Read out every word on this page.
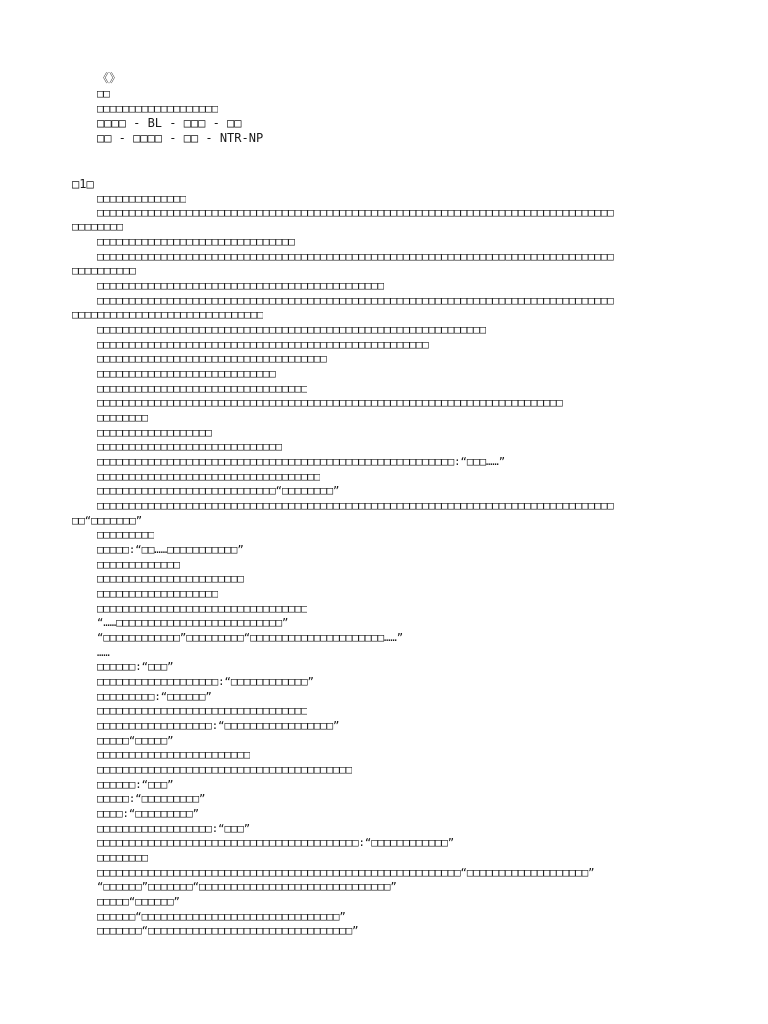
《》

□□

□□□□□□□□□□□□□□□□□□□

□□□□ - BL - □□□ - □□

□□ - □□□□ - □□ - NTR-NP

□1□

□□□□□□□□□□□□□□

□□□□□□□□□□□□□□□□□□□□□□□□□□□□□□□□□□□□□□□□□□□□□□□□□□□□□□□□□□□□□□□□□□□□□□□□□□□□□□□□□

□□□□□□□□

□□□□□□□□□□□□□□□□□□□□□□□□□□□□□□□

□□□□□□□□□□□□□□□□□□□□□□□□□□□□□□□□□□□□□□□□□□□□□□□□□□□□□□□□□□□□□□□□□□□□□□□□□□□□□□□□□

□□□□□□□□□□

□□□□□□□□□□□□□□□□□□□□□□□□□□□□□□□□□□□□□□□□□□□□□

□□□□□□□□□□□□□□□□□□□□□□□□□□□□□□□□□□□□□□□□□□□□□□□□□□□□□□□□□□□□□□□□□□□□□□□□□□□□□□□□□

□□□□□□□□□□□□□□□□□□□□□□□□□□□□□□

□□□□□□□□□□□□□□□□□□□□□□□□□□□□□□□□□□□□□□□□□□□□□□□□□□□□□□□□□□□□□

□□□□□□□□□□□□□□□□□□□□□□□□□□□□□□□□□□□□□□□□□□□□□□□□□□□□

□□□□□□□□□□□□□□□□□□□□□□□□□□□□□□□□□□□□

□□□□□□□□□□□□□□□□□□□□□□□□□□□□

□□□□□□□□□□□□□□□□□□□□□□□□□□□□□□□□□

□□□□□□□□□□□□□□□□□□□□□□□□□□□□□□□□□□□□□□□□□□□□□□□□□□□□□□□□□□□□□□□□□□□□□□□□□

□□□□□□□□

□□□□□□□□□□□□□□□□□□

□□□□□□□□□□□□□□□□□□□□□□□□□□□□□

□□□□□□□□□□□□□□□□□□□□□□□□□□□□□□□□□□□□□□□□□□□□□□□□□□□□□□□□:“□□□……”

□□□□□□□□□□□□□□□□□□□□□□□□□□□□□□□□□□□

□□□□□□□□□□□□□□□□□□□□□□□□□□□□“□□□□□□□□”

□□□□□□□□□□□□□□□□□□□□□□□□□□□□□□□□□□□□□□□□□□□□□□□□□□□□□□□□□□□□□□□□□□□□□□□□□□□□□□□□□

□□“□□□□□□□”

□□□□□□□□□

□□□□□:“□□……□□□□□□□□□□□”

□□□□□□□□□□□□□

□□□□□□□□□□□□□□□□□□□□□□□

□□□□□□□□□□□□□□□□□□□

□□□□□□□□□□□□□□□□□□□□□□□□□□□□□□□□□

“……□□□□□□□□□□□□□□□□□□□□□□□□□□”

“□□□□□□□□□□□□”□□□□□□□□□“□□□□□□□□□□□□□□□□□□□□□……”

……

□□□□□□:“□□□”

□□□□□□□□□□□□□□□□□□□:“□□□□□□□□□□□□”

□□□□□□□□□:“□□□□□□”

□□□□□□□□□□□□□□□□□□□□□□□□□□□□□□□□□

□□□□□□□□□□□□□□□□□□:“□□□□□□□□□□□□□□□□□”

□□□□□“□□□□□”

□□□□□□□□□□□□□□□□□□□□□□□□

□□□□□□□□□□□□□□□□□□□□□□□□□□□□□□□□□□□□□□□□

□□□□□□:“□□□”

□□□□□:“□□□□□□□□□”

□□□□:“□□□□□□□□□”

□□□□□□□□□□□□□□□□□□:“□□□”

□□□□□□□□□□□□□□□□□□□□□□□□□□□□□□□□□□□□□□□□□:“□□□□□□□□□□□□”

□□□□□□□□

□□□□□□□□□□□□□□□□□□□□□□□□□□□□□□□□□□□□□□□□□□□□□□□□□□□□□□□□□“□□□□□□□□□□□□□□□□□□□”

“□□□□□□”□□□□□□□“□□□□□□□□□□□□□□□□□□□□□□□□□□□□□□”

□□□□□“□□□□□□”

□□□□□□“□□□□□□□□□□□□□□□□□□□□□□□□□□□□□□□”

□□□□□□□“□□□□□□□□□□□□□□□□□□□□□□□□□□□□□□□□”
